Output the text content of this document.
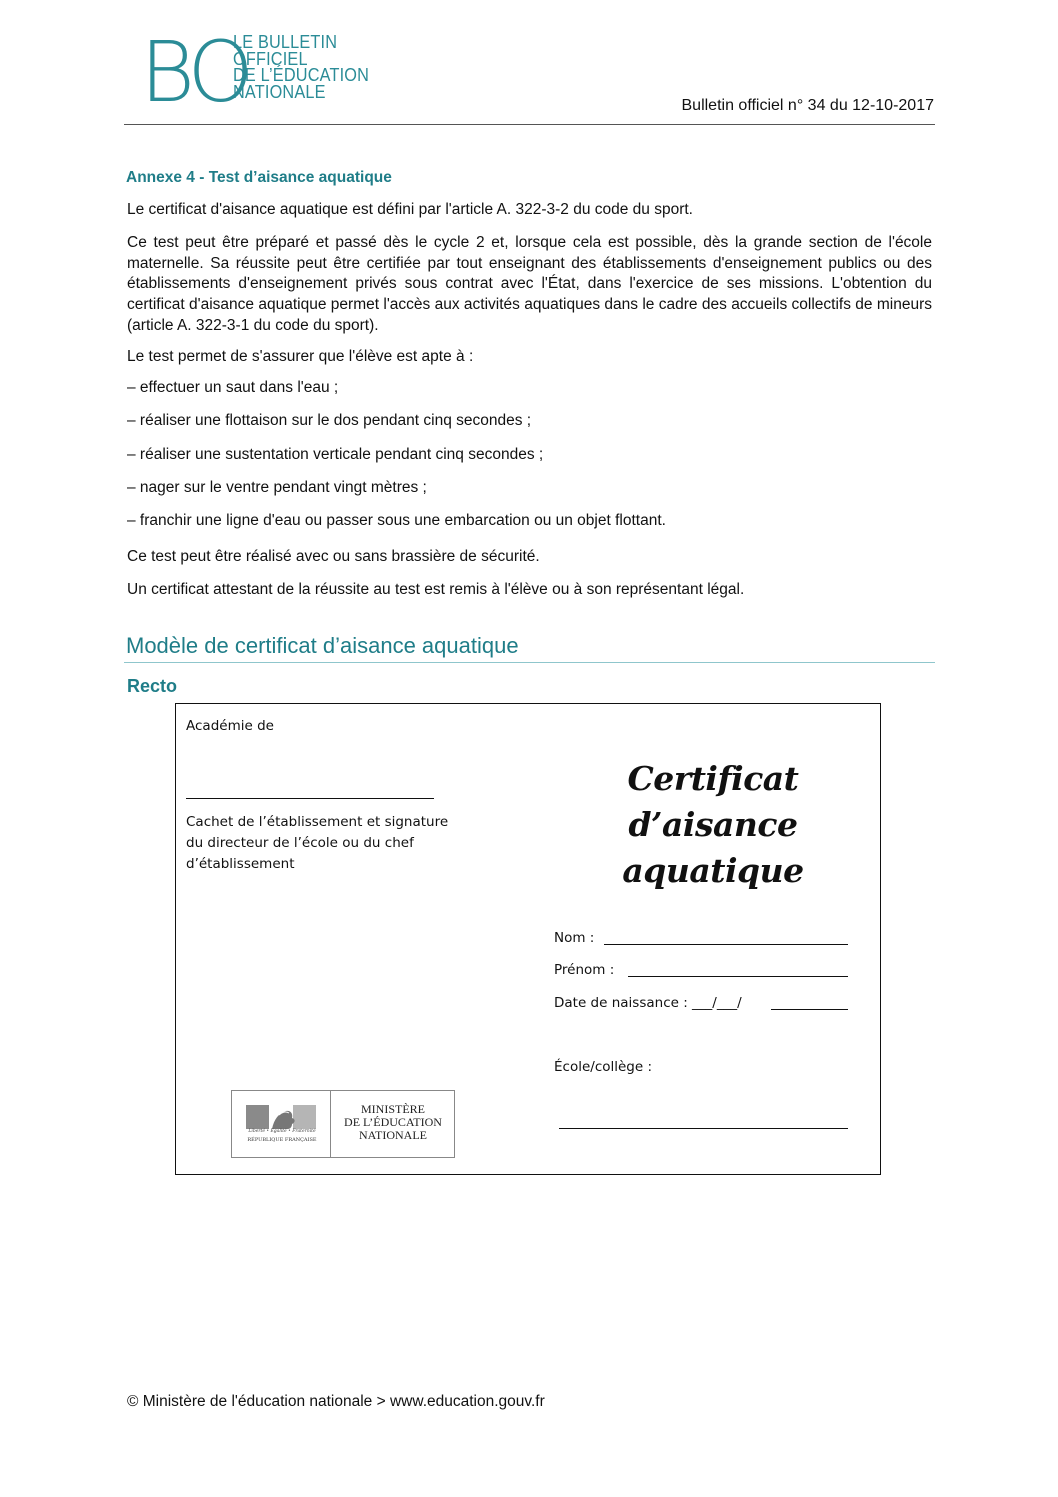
BO
LE BULLETIN
OFFICIEL
DE L’ÉDUCATION
NATIONALE
Bulletin officiel n° 34 du 12-10-2017
Annexe 4 - Test d’aisance aquatique
Le certificat d'aisance aquatique est défini par l'article A. 322-3-2 du code du sport.
Ce test peut être préparé et passé dès le cycle 2 et, lorsque cela est possible, dès la grande section de l'école maternelle. Sa réussite peut être certifiée par tout enseignant des établissements d'enseignement publics ou des établissements d'enseignement privés sous contrat avec l'État, dans l'exercice de ses missions. L'obtention du certificat d'aisance aquatique permet l'accès aux activités aquatiques dans le cadre des accueils collectifs de mineurs (article A. 322-3-1 du code du sport).
Le test permet de s'assurer que l'élève est apte à :
– effectuer un saut dans l'eau ;
– réaliser une flottaison sur le dos pendant cinq secondes ;
– réaliser une sustentation verticale pendant cinq secondes ;
– nager sur le ventre pendant vingt mètres ;
– franchir une ligne d'eau ou passer sous une embarcation ou un objet flottant.
Ce test peut être réalisé avec ou sans brassière de sécurité.
Un certificat attestant de la réussite au test est remis à l'élève ou à son représentant légal.
Modèle de certificat d’aisance aquatique
Recto
Académie de
Cachet de l’établissement et signature du directeur de l’école ou du chef d’établissement
Certificat d’aisance
aquatique
Nom :
Prénom :
Date de naissance : ___/___/
École/collège :
Liberté • Égalité • Fraternité
RÉPUBLIQUE FRANÇAISE
MINISTÈRE
DE L’ÉDUCATION
NATIONALE
© Ministère de l'éducation nationale > www.education.gouv.fr
